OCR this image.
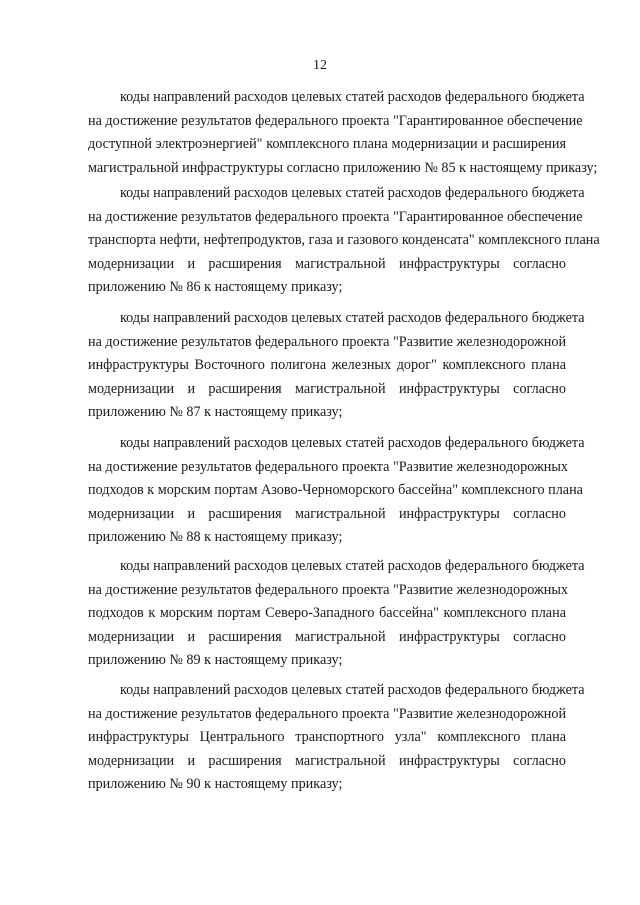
12
коды направлений расходов целевых статей расходов федерального бюджета
на достижение результатов федерального проекта "Гарантированное обеспечение
доступной электроэнергией" комплексного плана модернизации и расширения
магистральной инфраструктуры согласно приложению № 85 к настоящему приказу;
коды направлений расходов целевых статей расходов федерального бюджета
на достижение результатов федерального проекта "Гарантированное обеспечение
транспорта нефти, нефтепродуктов, газа и газового конденсата" комплексного плана
модернизации и расширения магистральной инфраструктуры согласно
приложению № 86 к настоящему приказу;
коды направлений расходов целевых статей расходов федерального бюджета
на достижение результатов федерального проекта "Развитие железнодорожной
инфраструктуры Восточного полигона железных дорог" комплексного плана
модернизации и расширения магистральной инфраструктуры согласно
приложению № 87 к настоящему приказу;
коды направлений расходов целевых статей расходов федерального бюджета
на достижение результатов федерального проекта "Развитие железнодорожных
подходов к морским портам Азово-Черноморского бассейна" комплексного плана
модернизации и расширения магистральной инфраструктуры согласно
приложению № 88 к настоящему приказу;
коды направлений расходов целевых статей расходов федерального бюджета
на достижение результатов федерального проекта "Развитие железнодорожных
подходов к морским портам Северо-Западного бассейна" комплексного плана
модернизации и расширения магистральной инфраструктуры согласно
приложению № 89 к настоящему приказу;
коды направлений расходов целевых статей расходов федерального бюджета
на достижение результатов федерального проекта "Развитие железнодорожной
инфраструктуры Центрального транспортного узла" комплексного плана
модернизации и расширения магистральной инфраструктуры согласно
приложению № 90 к настоящему приказу;
